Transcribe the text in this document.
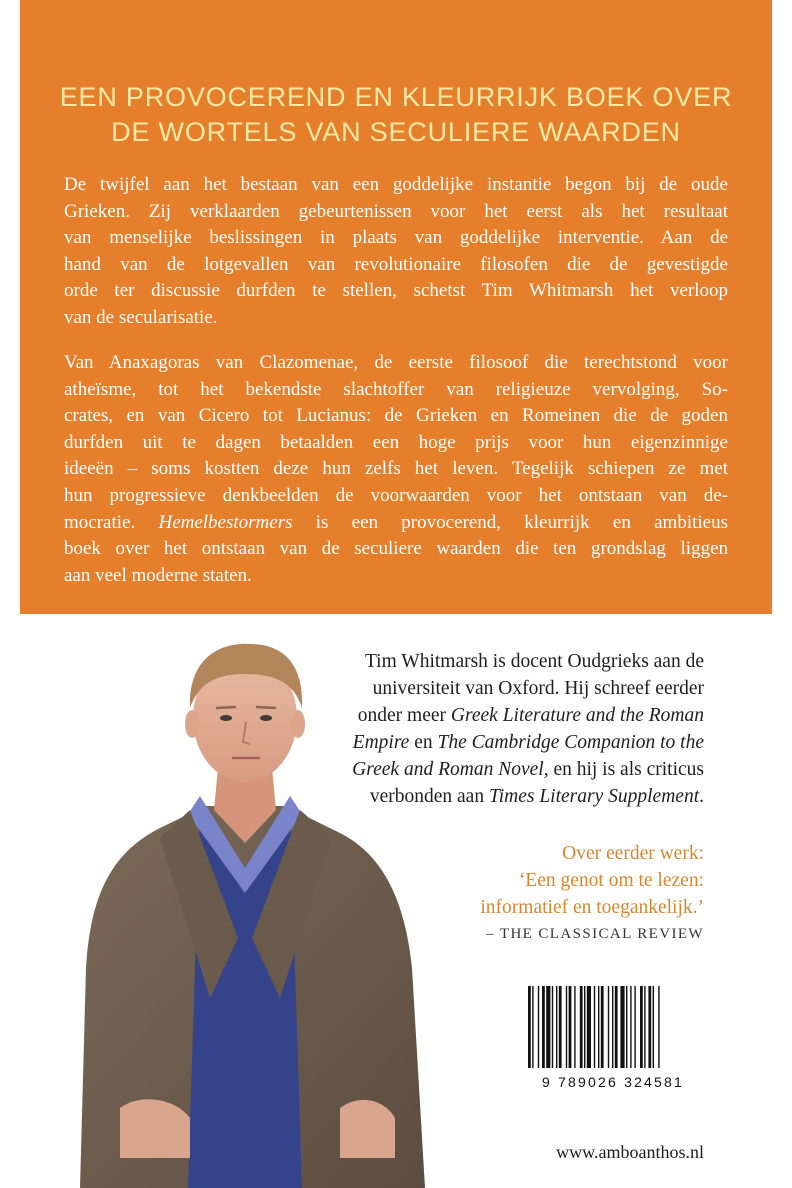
EEN PROVOCEREND EN KLEURRIJK BOEK OVER
DE WORTELS VAN SECULIERE WAARDEN
De twijfel aan het bestaan van een goddelijke instantie begon bij de oude
Grieken. Zij verklaarden gebeurtenissen voor het eerst als het resultaat
van menselijke beslissingen in plaats van goddelijke interventie. Aan de
hand van de lotgevallen van revolutionaire filosofen die de gevestigde
orde ter discussie durfden te stellen, schetst Tim Whitmarsh het verloop
van de secularisatie.
Van Anaxagoras van Clazomenae, de eerste filosoof die terechtstond voor
atheïsme, tot het bekendste slachtoffer van religieuze vervolging, So-
crates, en van Cicero tot Lucianus: de Grieken en Romeinen die de goden
durfden uit te dagen betaalden een hoge prijs voor hun eigenzinnige
ideeën – soms kostten deze hun zelfs het leven. Tegelijk schiepen ze met
hun progressieve denkbeelden de voorwaarden voor het ontstaan van de-
mocratie. Hemelbestormers is een provocerend, kleurrijk en ambitieus
boek over het ontstaan van de seculiere waarden die ten grondslag liggen
aan veel moderne staten.
Tim Whitmarsh is docent Oudgrieks aan de
universiteit van Oxford. Hij schreef eerder
onder meer Greek Literature and the Roman
Empire en The Cambridge Companion to the
Greek and Roman Novel, en hij is als criticus
verbonden aan Times Literary Supplement.
Over eerder werk:
‘Een genot om te lezen:
informatief en toegankelijk.’
– THE CLASSICAL REVIEW
9 789026 324581
www.amboanthos.nl
